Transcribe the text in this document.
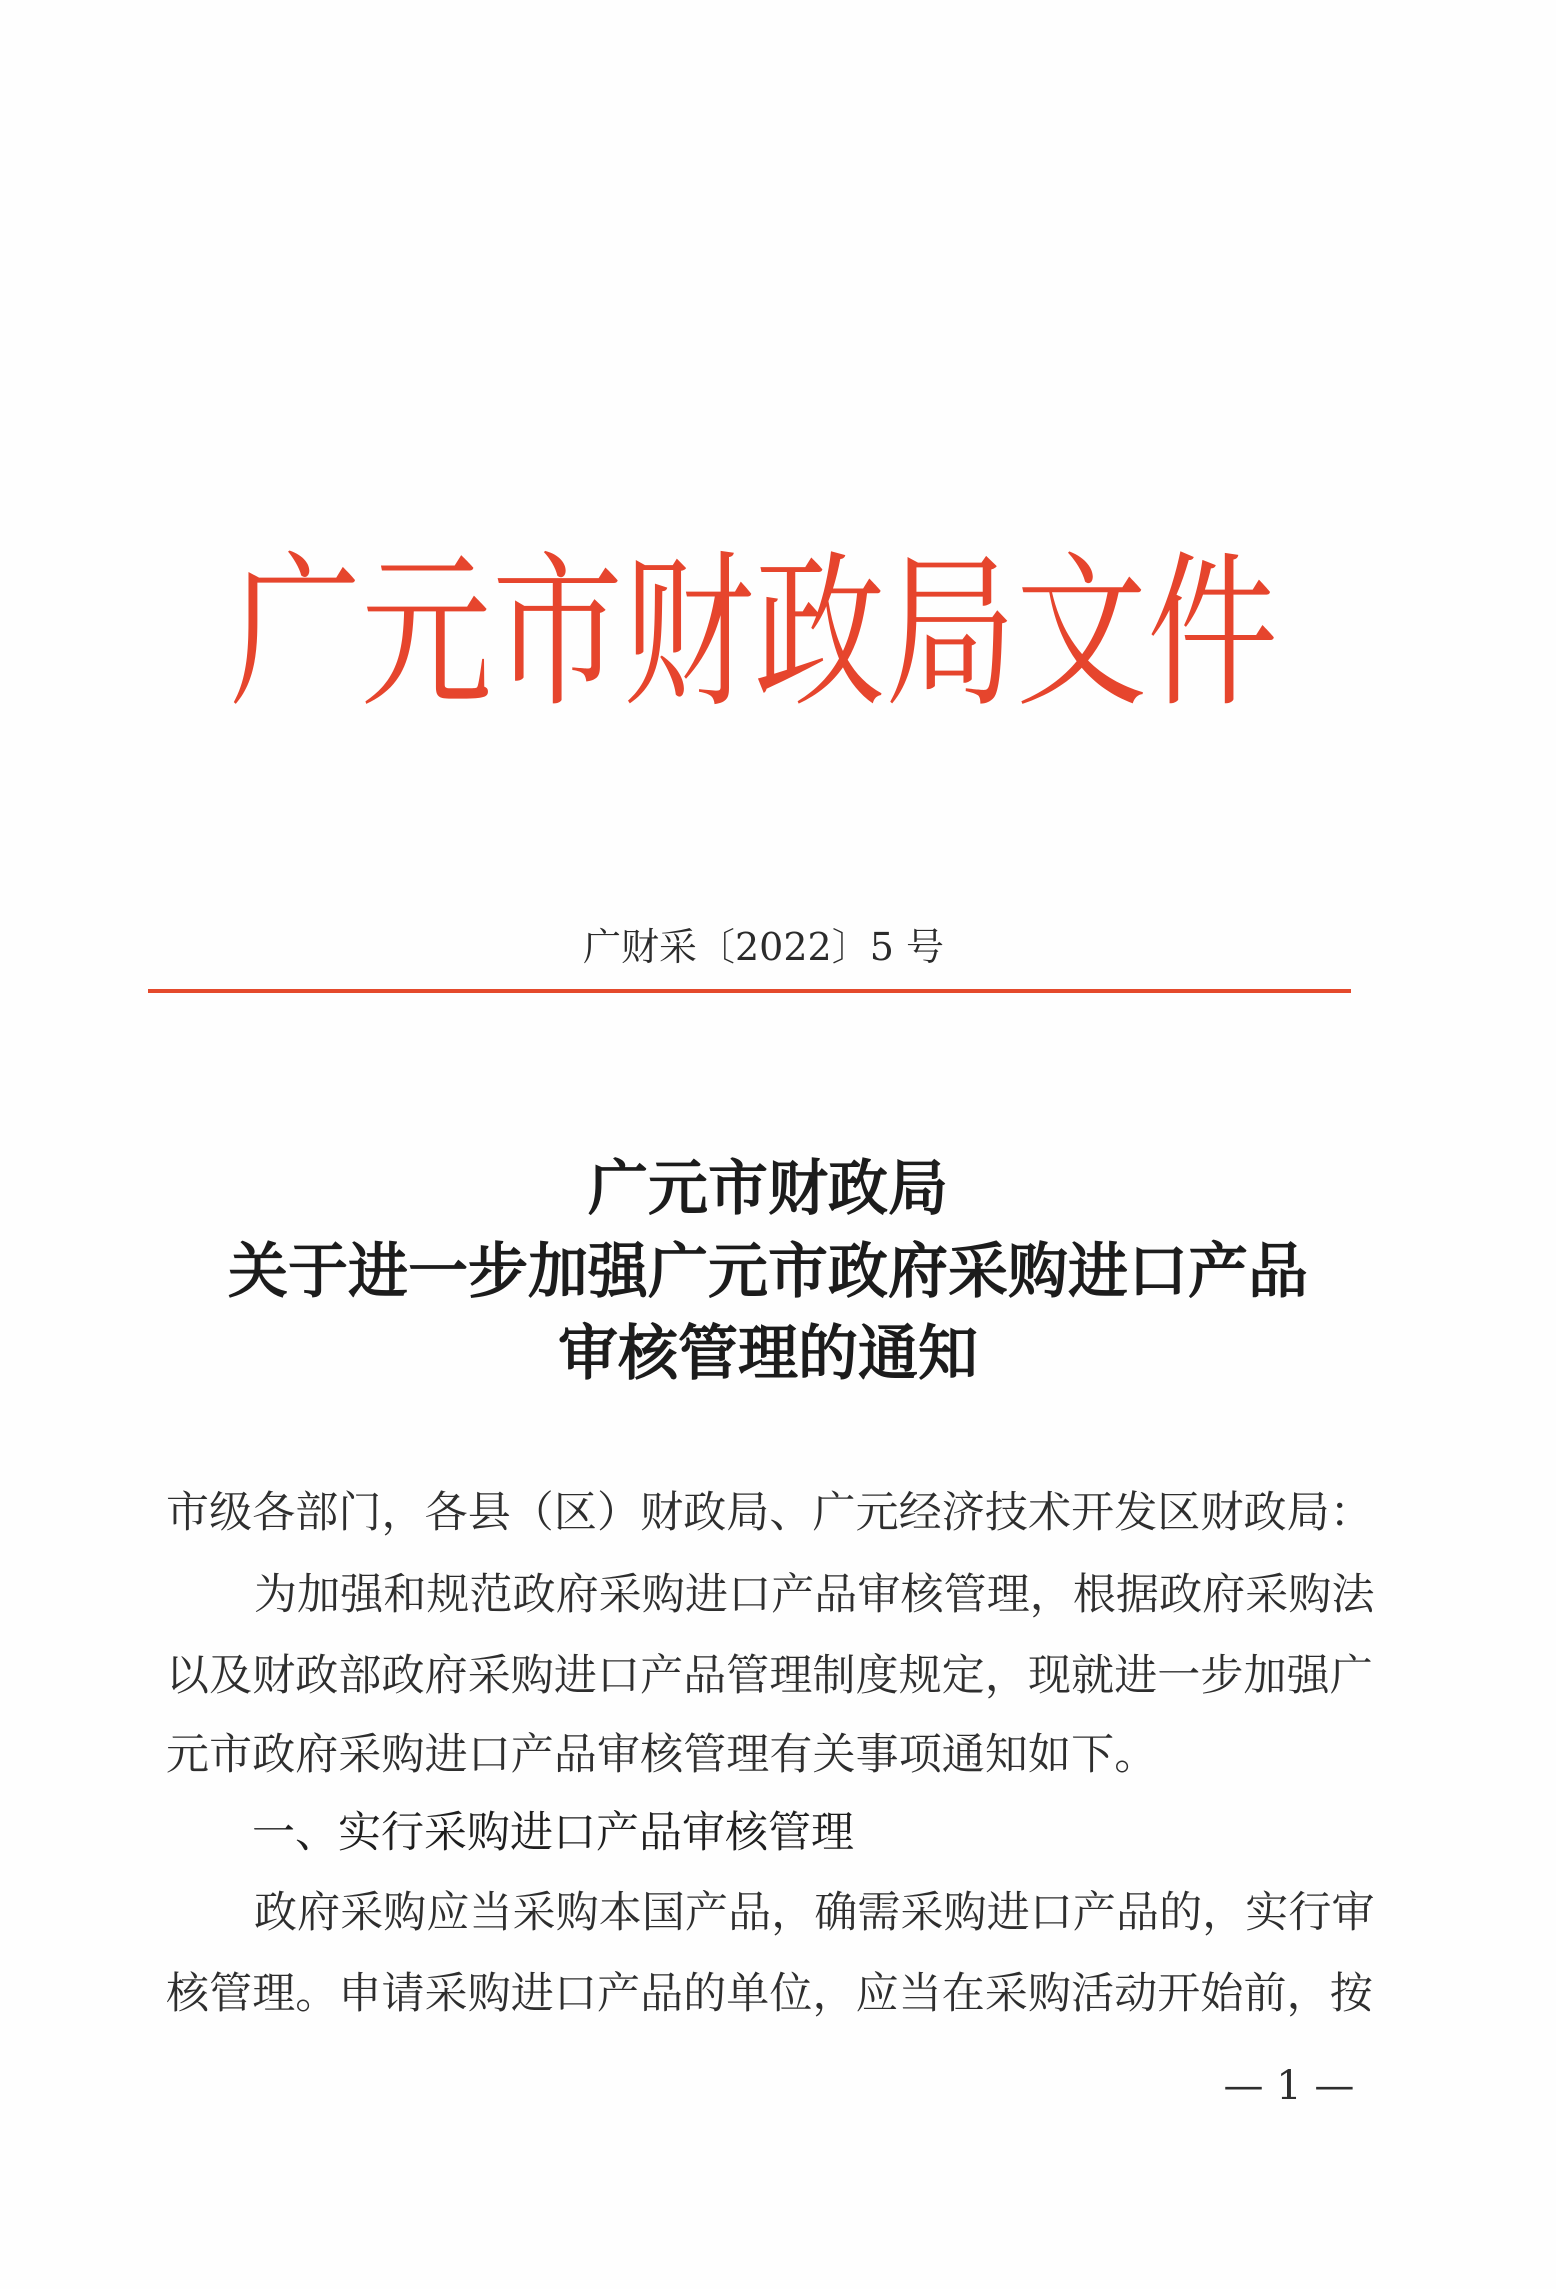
广元市财政局文件
广财采〔2022〕5 号
广元市财政局
关于进一步加强广元市政府采购进口产品
审核管理的通知
市级各部门，各县（区）财政局、广元经济技术开发区财政局：
为加强和规范政府采购进口产品审核管理，根据政府采购法
以及财政部政府采购进口产品管理制度规定，现就进一步加强广
元市政府采购进口产品审核管理有关事项通知如下。
一、实行采购进口产品审核管理
政府采购应当采购本国产品，确需采购进口产品的，实行审
核管理。申请采购进口产品的单位，应当在采购活动开始前，按
— 1 —
